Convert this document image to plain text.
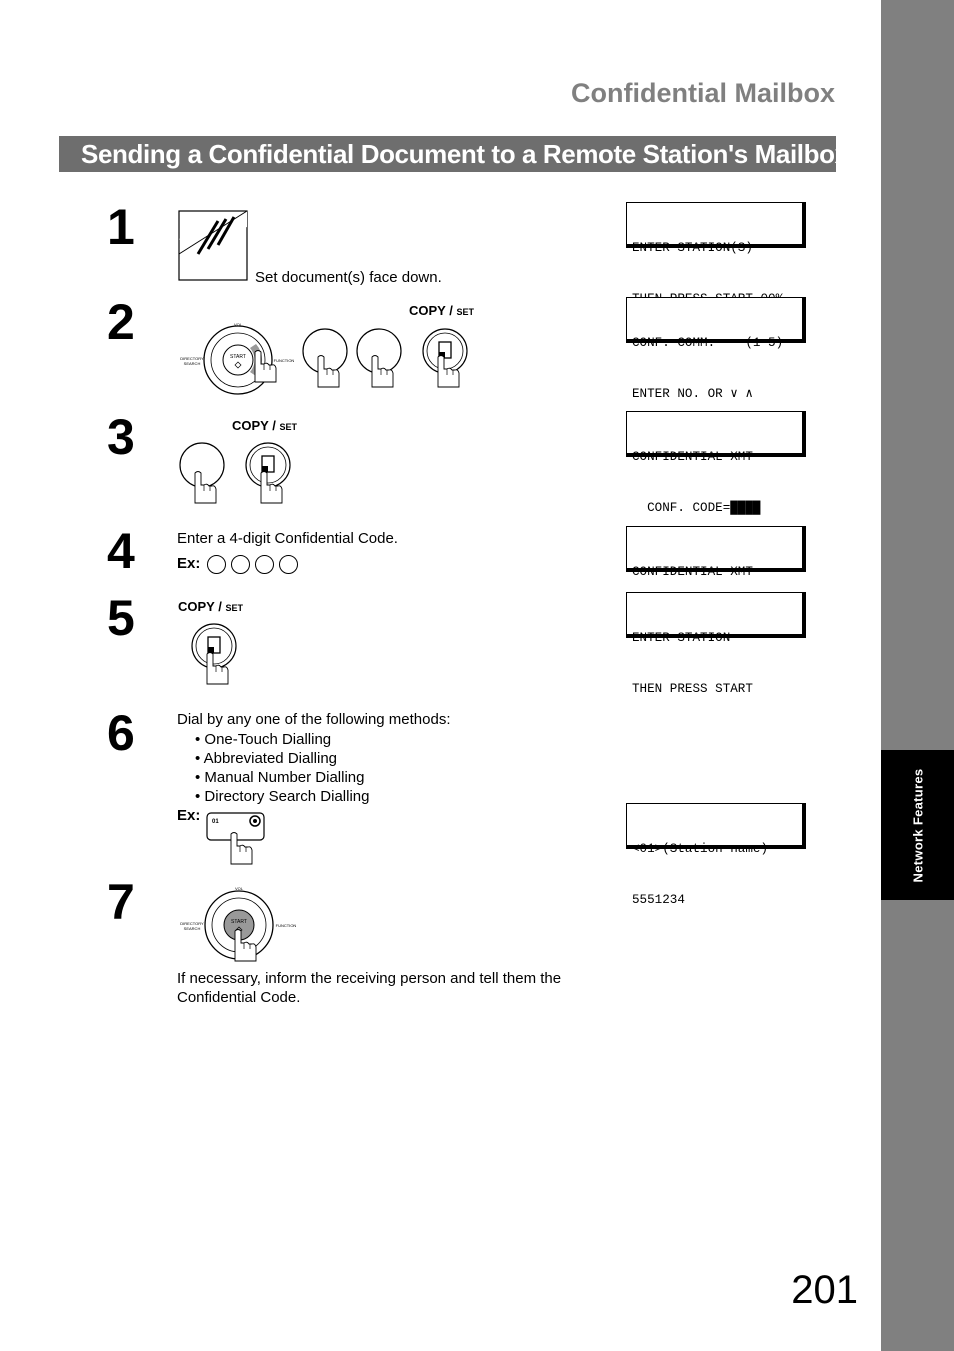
Network Features
Confidential Mailbox
Sending a Confidential Document to a Remote Station's Mailbox
1
Set document(s) face down.

ENTER STATION(S)

2
START
VOL
DIRECTORY
SEARCH
FUNCTION
COPY / SET

CONF. COMM.    (1-5)

ENTER NO. OR ∨ ∧

3	COPY / SET

CONFIDENTIAL XMT

CONF. CODE=████

4	Enter a 4-digit Confidential Code.
Ex:

	CONFIDENTIAL XMT

5	COPY / SET

ENTER STATION

THEN PRESS START

6	Dial by any one of the following methods:
• One-Touch Dialling
• Abbreviated Dialling
• Manual Number Dialling
• Directory Search Dialling
Ex: 01

<01>(Station name)

5551234

7	START
VOL
DIRECTORY
SEARCH
FUNCTION
If necessary, inform the receiving person and tell them the
Confidential Code.
201
